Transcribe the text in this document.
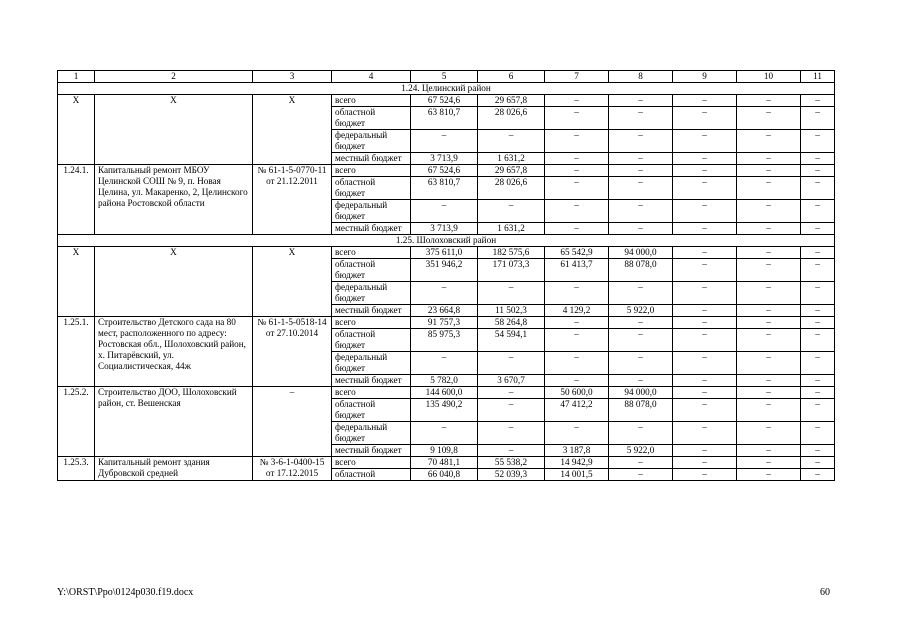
1	2	3	4	5	6	7	8	9	10	11
1.24. Целинский район										
X	X	X	всего	67 524,6	29 657,8	–	–	–	–	–
			областной бюджет	63 810,7	28 026,6	–	–	–	–	–
			федеральный бюджет	–	–	–	–	–	–	–
			местный бюджет	3 713,9	1 631,2	–	–	–	–	–
1.24.1.	Капитальный ремонт МБОУ Целинской СОШ № 9, п. Новая Целина, ул. Макаренко, 2, Целинского района Ростовской области	№ 61-1-5-0770-11 от 21.12.2011	всего	67 524,6	29 657,8	–	–	–	–	–
			областной бюджет	63 810,7	28 026,6	–	–	–	–	–
			федеральный бюджет	–	–	–	–	–	–	–
			местный бюджет	3 713,9	1 631,2	–	–	–	–	–
1.25. Шолоховский район										
X	X	X	всего	375 611,0	182 575,6	65 542,9	94 000,0	–	–	–
			областной бюджет	351 946,2	171 073,3	61 413,7	88 078,0	–	–	–
			федеральный бюджет	–	–	–	–	–	–	–
			местный бюджет	23 664,8	11 502,3	4 129,2	5 922,0	–	–	–
1.25.1.	Строительство Детского сада на 80 мест, расположенного по адресу: Ростовская обл., Шолоховский район, х. Питарёвский, ул. Социалистическая, 44ж	№ 61-1-5-0518-14 от 27.10.2014	всего	91 757,3	58 264,8	–	–	–	–	–
			областной бюджет	85 975,3	54 594,1	–	–	–	–	–
			федеральный бюджет	–	–	–	–	–	–	–
			местный бюджет	5 782,0	3 670,7	–	–	–	–	–
1.25.2.	Строительство ДОО, Шолоховский район, ст. Вешенская	–	всего	144 600,0	–	50 600,0	94 000,0	–	–	–
			областной бюджет	135 490,2	–	47 412,2	88 078,0	–	–	–
			федеральный бюджет	–	–	–	–	–	–	–
			местный бюджет	9 109,8	–	3 187,8	5 922,0	–	–	–
1.25.3.	Капитальный ремонт здания Дубровской средней	№ 3-6-1-0400-15 от 17.12.2015	всего	70 481,1	55 538,2	14 942,9	–	–	–	–
			областной	66 040,8	52 039,3	14 001,5	–	–	–	–
Y:\ORST\Ppo\0124p030.f19.docx	60
